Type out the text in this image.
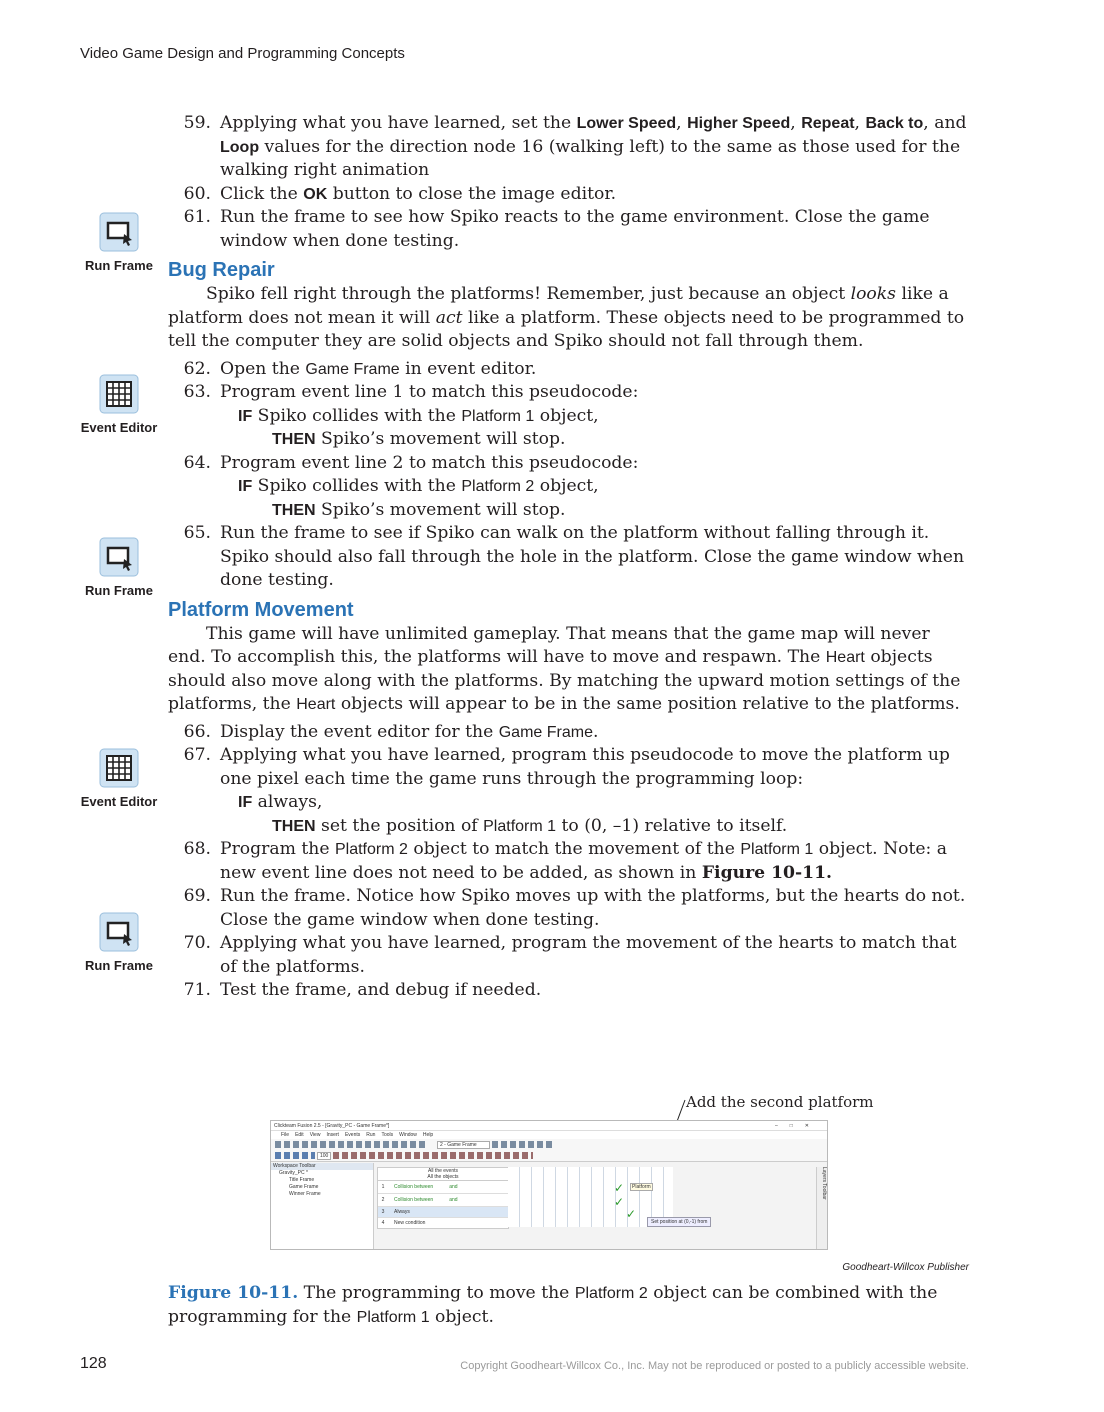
Video Game Design and Programming Concepts
Run Frame
Event Editor
Run Frame
Event Editor
Run Frame
59. Applying what you have learned, set the Lower Speed, Higher Speed, Repeat, Back to, and Loop values for the direction node 16 (walking left) to the same as those used for the walking right animation
60. Click the OK button to close the image editor.
61. Run the frame to see how Spiko reacts to the game environment. Close the game window when done testing.
Bug Repair
Spiko fell right through the platforms! Remember, just because an object looks like a platform does not mean it will act like a platform. These objects need to be programmed to tell the computer they are solid objects and Spiko should not fall through them.
62. Open the Game Frame in event editor.
63. Program event line 1 to match this pseudocode:
IF Spiko collides with the Platform 1 object,
THEN Spiko’s movement will stop.
64. Program event line 2 to match this pseudocode:
IF Spiko collides with the Platform 2 object,
THEN Spiko’s movement will stop.
65. Run the frame to see if Spiko can walk on the platform without falling through it. Spiko should also fall through the hole in the platform. Close the game window when done testing.
Platform Movement
This game will have unlimited gameplay. That means that the game map will never end. To accomplish this, the platforms will have to move and respawn. The Heart objects should also move along with the platforms. By matching the upward motion settings of the platforms, the Heart objects will appear to be in the same position relative to the platforms.
66. Display the event editor for the Game Frame.
67. Applying what you have learned, program this pseudocode to move the platform up one pixel each time the game runs through the programming loop:
IF always,
THEN set the position of Platform 1 to (0, –1) relative to itself.
68. Program the Platform 2 object to match the movement of the Platform 1 object. Note: a new event line does not need to be added, as shown in Figure 10-11.
69. Run the frame. Notice how Spiko moves up with the platforms, but the hearts do not. Close the game window when done testing.
70. Applying what you have learned, program the movement of the hearts to match that of the platforms.
71. Test the frame, and debug if needed.
Add the second platform
Clickteam Fusion 2.5 - [Gravity_PC - Game Frame*]	–□✕
File Edit View Insert Events Run Tools Window Help
2 - Game Frame
100
Workspace Toolbar
Gravity_PC *
Title Frame
Game Frame
Winner Frame
All the events
All the objects
1	Collision between	and
2	Collision between	and
3	Always
4	New condition
✓
✓
✓
Platform
Set position at (0,-1) from
Layers Toolbar
Goodheart-Willcox Publisher
Figure 10-11. The programming to move the Platform 2 object can be combined with the programming for the Platform 1 object.
128	Copyright Goodheart-Willcox Co., Inc. May not be reproduced or posted to a publicly accessible website.
